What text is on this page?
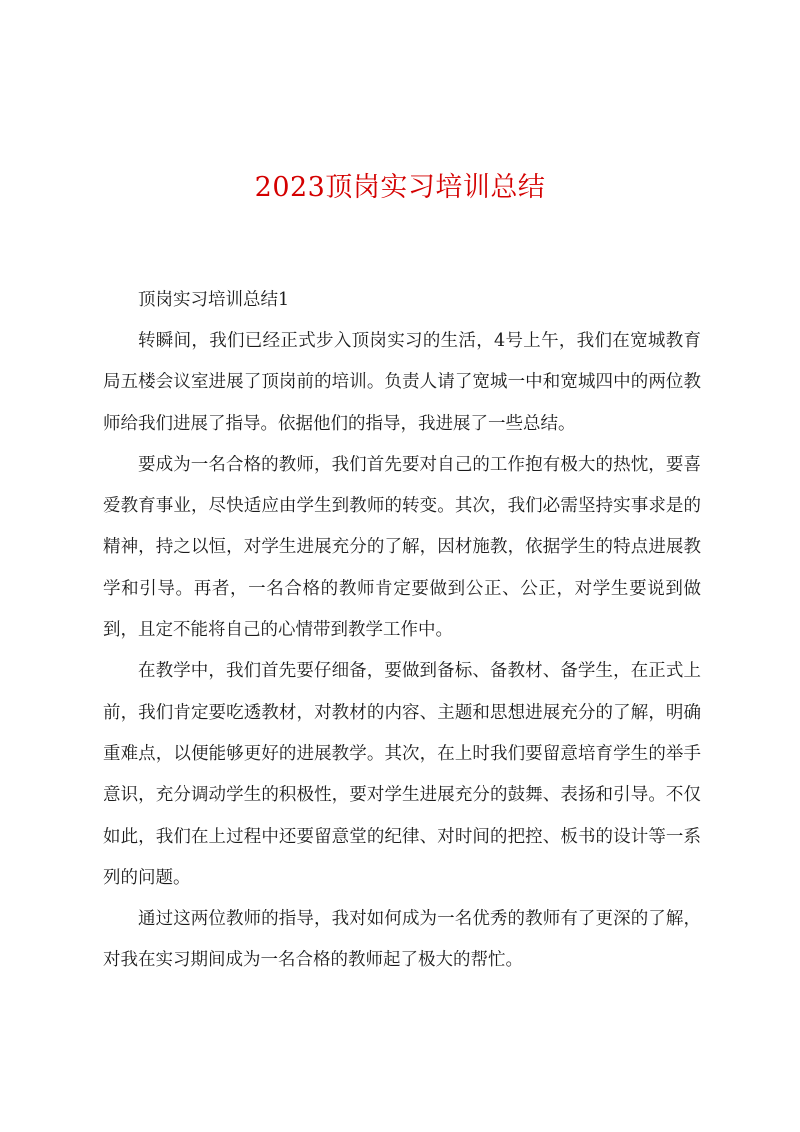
2023顶岗实习培训总结

顶岗实习培训总结1

转瞬间，我们已经正式步入顶岗实习的生活，4号上午，我们在宽城教育局五楼会议室进展了顶岗前的培训。负责人请了宽城一中和宽城四中的两位教师给我们进展了指导。依据他们的指导，我进展了一些总结。

要成为一名合格的教师，我们首先要对自己的工作抱有极大的热忱，要喜爱教育事业，尽快适应由学生到教师的转变。其次，我们必需坚持实事求是的精神，持之以恒，对学生进展充分的了解，因材施教，依据学生的特点进展教学和引导。再者，一名合格的教师肯定要做到公正、公正，对学生要说到做到，且定不能将自己的心情带到教学工作中。

在教学中，我们首先要仔细备，要做到备标、备教材、备学生，在正式上前，我们肯定要吃透教材，对教材的内容、主题和思想进展充分的了解，明确重难点，以便能够更好的进展教学。其次，在上时我们要留意培育学生的举手意识，充分调动学生的积极性，要对学生进展充分的鼓舞、表扬和引导。不仅如此，我们在上过程中还要留意堂的纪律、对时间的把控、板书的设计等一系列的问题。

通过这两位教师的指导，我对如何成为一名优秀的教师有了更深的了解，对我在实习期间成为一名合格的教师起了极大的帮忙。
